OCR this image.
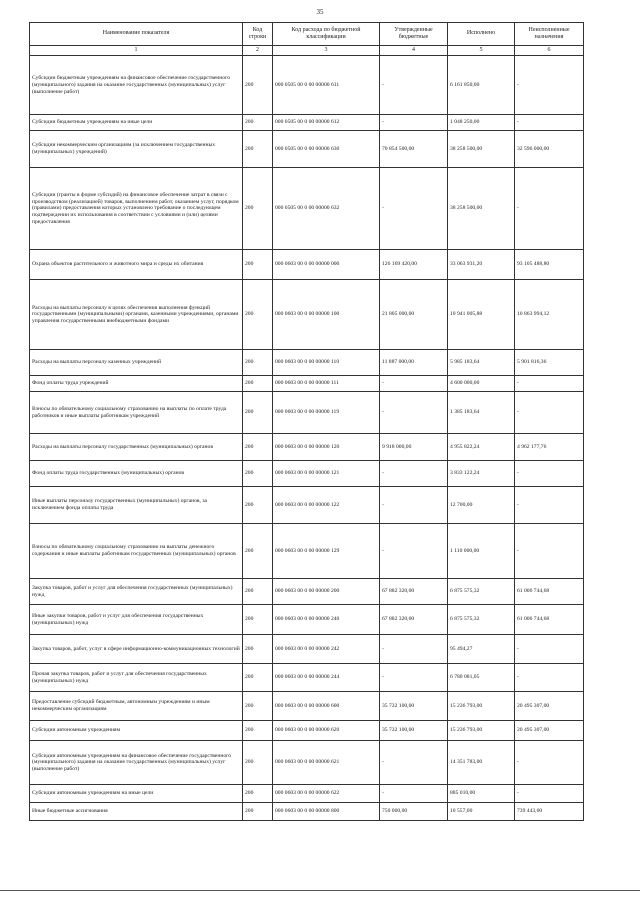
35
Наименование показателя	Код строки	Код расхода по бюджетной классификации	Утвержденные бюджетные	Исполнено	Неисполненные назначения
1	2	3	4	5	6
Субсидии бюджетным учреждениям на финансовое обеспечение государственного (муниципального) задания на оказание государственных (муниципальных) услуг (выполнение работ)	200	000 0505 00 0 00 00000 611	-	6 161 850,00	-
Субсидии бюджетным учреждениям на иные цели	200	000 0505 00 0 00 00000 612	-	1 048 250,00	-
Субсидии некоммерческим организациям (за исключением государственных (муниципальных) учреждений)	200	000 0505 00 0 00 00000 630	70 854 500,00	38 258 500,00	32 596 000,00
Субсидии (гранты в форме субсидий) на финансовое обеспечение затрат в связи с производством (реализацией) товаров, выполнением работ, оказанием услуг, порядком (правилами) предоставления которых установлено требование о последующем подтверждении их использования в соответствии с условиями и (или) целями предоставления	200	000 0505 00 0 00 00000 632	-	38 258 500,00	-
Охрана объектов растительного и животного мира и среды их обитания	200	000 0603 00 0 00 00000 000	126 169 420,00	33 063 931,20	93 105 488,80
Расходы на выплаты персоналу в целях обеспечения выполнения функций государственными (муниципальными) органами, казенными учреждениями, органами управления государственными внебюджетными фондами	200	000 0603 00 0 00 00000 100	21 805 000,00	10 941 005,88	10 863 994,12
Расходы на выплаты персоналу казенных учреждений	200	000 0603 00 0 00 00000 110	11 887 000,00	5 985 183,64	5 901 816,36
Фонд оплаты труда учреждений	200	000 0603 00 0 00 00000 111	-	4 600 000,00	-
Взносы по обязательному социальному страхованию на выплаты по оплате труда работников и иные выплаты работникам учреждений	200	000 0603 00 0 00 00000 119	-	1 385 183,64	-
Расходы на выплаты персоналу государственных (муниципальных) органов	200	000 0603 00 0 00 00000 120	9 918 000,00	4 955 822,24	4 962 177,76
Фонд оплаты труда государственных (муниципальных) органов	200	000 0603 00 0 00 00000 121	-	3 833 122,24	-
Иные выплаты персоналу государственных (муниципальных) органов, за исключением фонда оплаты труда	200	000 0603 00 0 00 00000 122	-	12 700,00	-
Взносы по обязательному социальному страхованию на выплаты денежного содержания и иные выплаты работникам государственных (муниципальных) органов	200	000 0603 00 0 00 00000 129	-	1 110 000,00	-
Закупка товаров, работ и услуг для обеспечения государственных (муниципальных) нужд	200	000 0603 00 0 00 00000 200	67 882 320,00	6 875 575,32	61 006 744,68
Иные закупки товаров, работ и услуг для обеспечения государственных (муниципальных) нужд	200	000 0603 00 0 00 00000 240	67 882 320,00	6 875 575,32	61 006 744,68
Закупка товаров, работ, услуг в сфере информационно-коммуникационных технологий	200	000 0603 00 0 00 00000 242	-	95 494,27	-
Прочая закупка товаров, работ и услуг для обеспечения государственных (муниципальных) нужд	200	000 0603 00 0 00 00000 244	-	6 780 081,05	-
Предоставление субсидий бюджетным, автономным учреждениям и иным некоммерческим организациям	200	000 0603 00 0 00 00000 600	35 732 100,00	15 236 793,00	20 495 307,00
Субсидии автономным учреждениям	200	000 0603 00 0 00 00000 620	35 732 100,00	15 236 793,00	20 495 307,00
Субсидии автономным учреждениям на финансовое обеспечение государственного (муниципального) задания на оказание государственных (муниципальных) услуг (выполнение работ)	200	000 0603 00 0 00 00000 621	-	14 351 783,00	-
Субсидии автономным учреждениям на иные цели	200	000 0603 00 0 00 00000 622	-	885 010,00	-
Иные бюджетные ассигнования	200	000 0603 00 0 00 00000 800	750 000,00	10 557,00	739 443,00
